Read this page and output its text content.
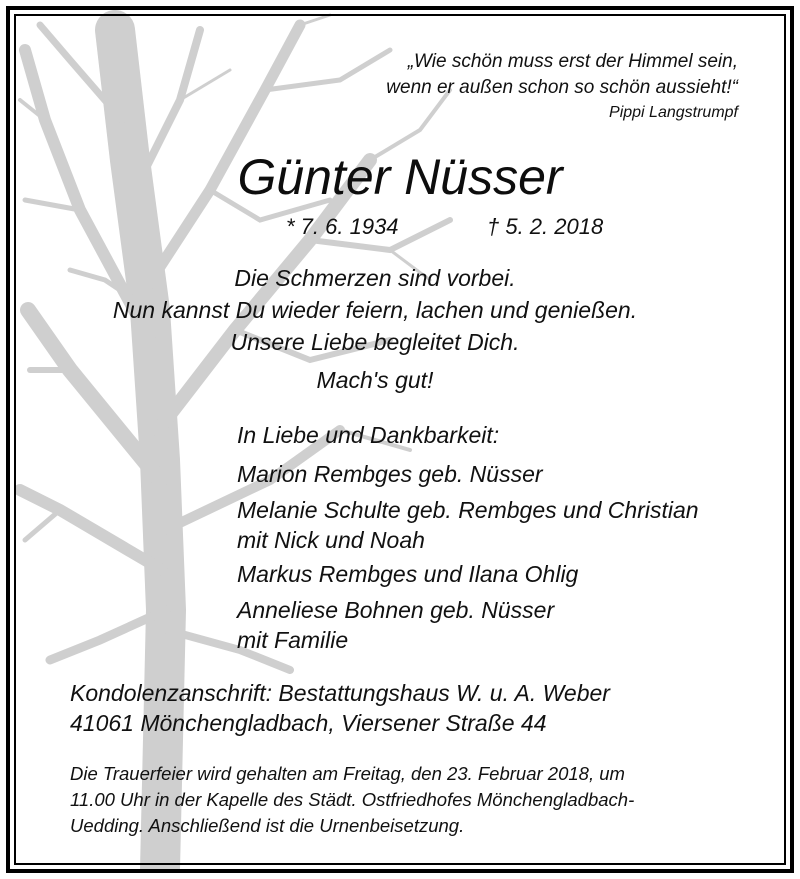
„Wie schön muss erst der Himmel sein,
wenn er außen schon so schön aussieht!“
Pippi Langstrumpf
Günter Nüsser
* 7. 6. 1934	† 5. 2. 2018
Die Schmerzen sind vorbei.
Nun kannst Du wieder feiern, lachen und genießen.
Unsere Liebe begleitet Dich.
Mach's gut!
In Liebe und Dankbarkeit:
Marion Rembges geb. Nüsser
Melanie Schulte geb. Rembges und Christian
mit Nick und Noah
Markus Rembges und Ilana Ohlig
Anneliese Bohnen geb. Nüsser
mit Familie
Kondolenzanschrift: Bestattungshaus W. u. A. Weber
41061 Mönchengladbach, Viersener Straße 44
Die Trauerfeier wird gehalten am Freitag, den 23. Februar 2018, um
11.00 Uhr in der Kapelle des Städt. Ostfriedhofes Mönchengladbach-
Uedding. Anschließend ist die Urnenbeisetzung.
